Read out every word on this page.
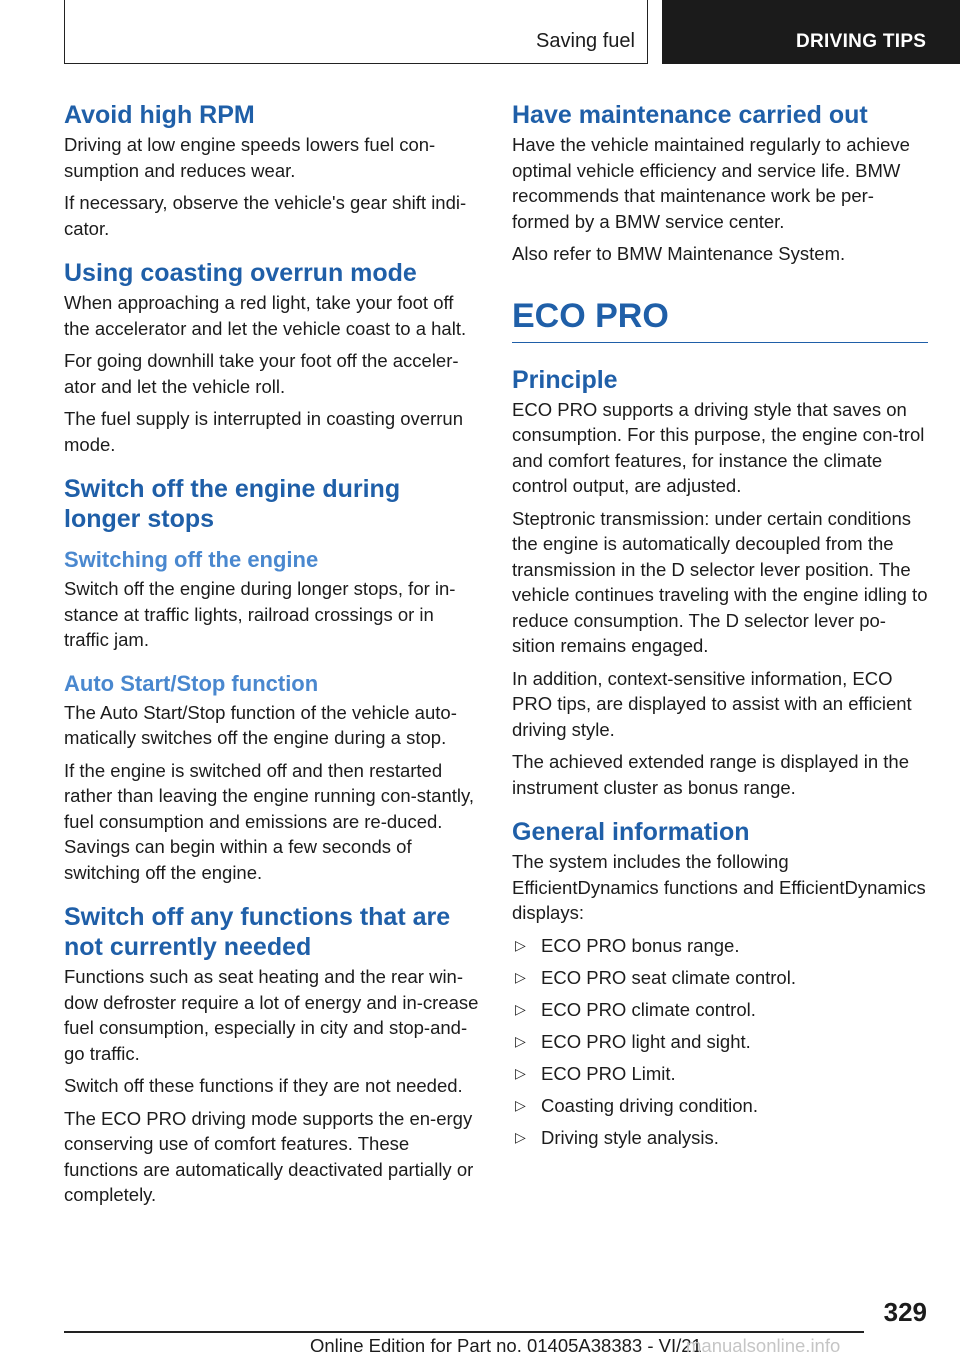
Saving fuel	DRIVING TIPS
Avoid high RPM

Driving at low engine speeds lowers fuel con-sumption and reduces wear.

If necessary, observe the vehicle's gear shift indi-cator.

Using coasting overrun mode

When approaching a red light, take your foot off the accelerator and let the vehicle coast to a halt.

For going downhill take your foot off the acceler-ator and let the vehicle roll.

The fuel supply is interrupted in coasting overrun mode.

Switch off the engine during longer stops
Switching off the engine

Switch off the engine during longer stops, for in-stance at traffic lights, railroad crossings or in traffic jam.

Auto Start/Stop function

The Auto Start/Stop function of the vehicle auto-matically switches off the engine during a stop.

If the engine is switched off and then restarted rather than leaving the engine running con-stantly, fuel consumption and emissions are re-duced. Savings can begin within a few seconds of switching off the engine.

Switch off any functions that are not currently needed

Functions such as seat heating and the rear win-dow defroster require a lot of energy and in-crease fuel consumption, especially in city and stop-and-go traffic.

Switch off these functions if they are not needed.

The ECO PRO driving mode supports the en-ergy conserving use of comfort features. These functions are automatically deactivated partially or completely.

Have maintenance carried out

Have the vehicle maintained regularly to achieve optimal vehicle efficiency and service life. BMW recommends that maintenance work be per-formed by a BMW service center.

Also refer to BMW Maintenance System.

ECO PRO
Principle

ECO PRO supports a driving style that saves on consumption. For this purpose, the engine con-trol and comfort features, for instance the climate control output, are adjusted.

Steptronic transmission: under certain conditions the engine is automatically decoupled from the transmission in the D selector lever position. The vehicle continues traveling with the engine idling to reduce consumption. The D selector lever po-sition remains engaged.

In addition, context-sensitive information, ECO PRO tips, are displayed to assist with an efficient driving style.

The achieved extended range is displayed in the instrument cluster as bonus range.

General information

The system includes the following EfficientDynamics functions and EfficientDynamics displays:

▷ ECO PRO bonus range.
▷ ECO PRO seat climate control.
▷ ECO PRO climate control.
▷ ECO PRO light and sight.
▷ ECO PRO Limit.
▷ Coasting driving condition.
▷ Driving style analysis.
329
Online Edition for Part no. 01405A38383 - VI/21
manualsonline.info
